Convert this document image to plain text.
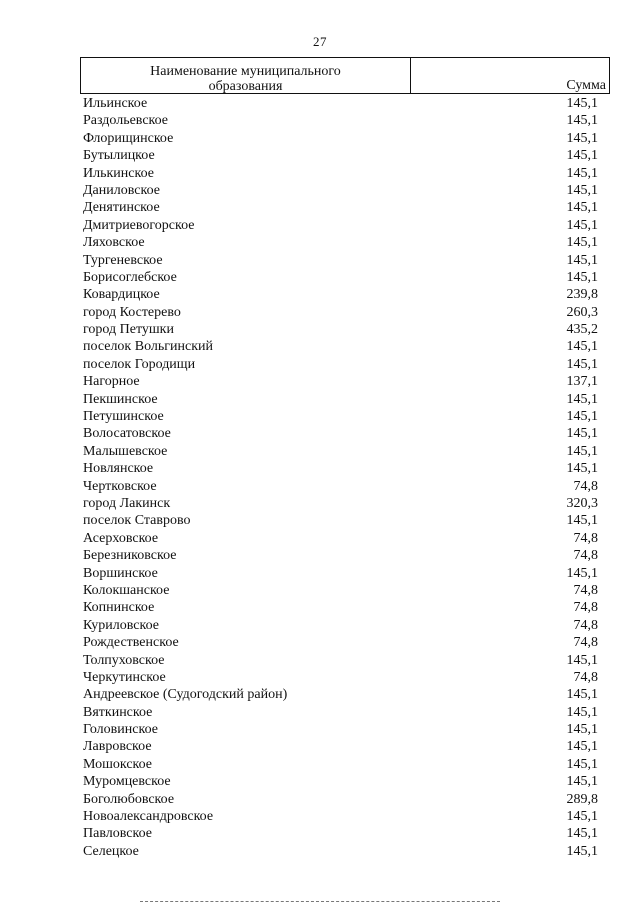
27
Наименование муниципального
образования	Сумма
Ильинское	145,1
Раздольевское	145,1
Флорищинское	145,1
Бутылицкое	145,1
Илькинское	145,1
Даниловское	145,1
Денятинское	145,1
Дмитриевогорское	145,1
Ляховское	145,1
Тургеневское	145,1
Борисоглебское	145,1
Ковардицкое	239,8
город Костерево	260,3
город Петушки	435,2
поселок Вольгинский	145,1
поселок Городищи	145,1
Нагорное	137,1
Пекшинское	145,1
Петушинское	145,1
Волосатовское	145,1
Малышевское	145,1
Новлянское	145,1
Чертковское	74,8
город Лакинск	320,3
поселок Ставрово	145,1
Асерховское	74,8
Березниковское	74,8
Воршинское	145,1
Колокшанское	74,8
Копнинское	74,8
Куриловское	74,8
Рождественское	74,8
Толпуховское	145,1
Черкутинское	74,8
Андреевское (Судогодский район)	145,1
Вяткинское	145,1
Головинское	145,1
Лавровское	145,1
Мошокское	145,1
Муромцевское	145,1
Боголюбовское	289,8
Новоалександровское	145,1
Павловское	145,1
Селецкое	145,1
